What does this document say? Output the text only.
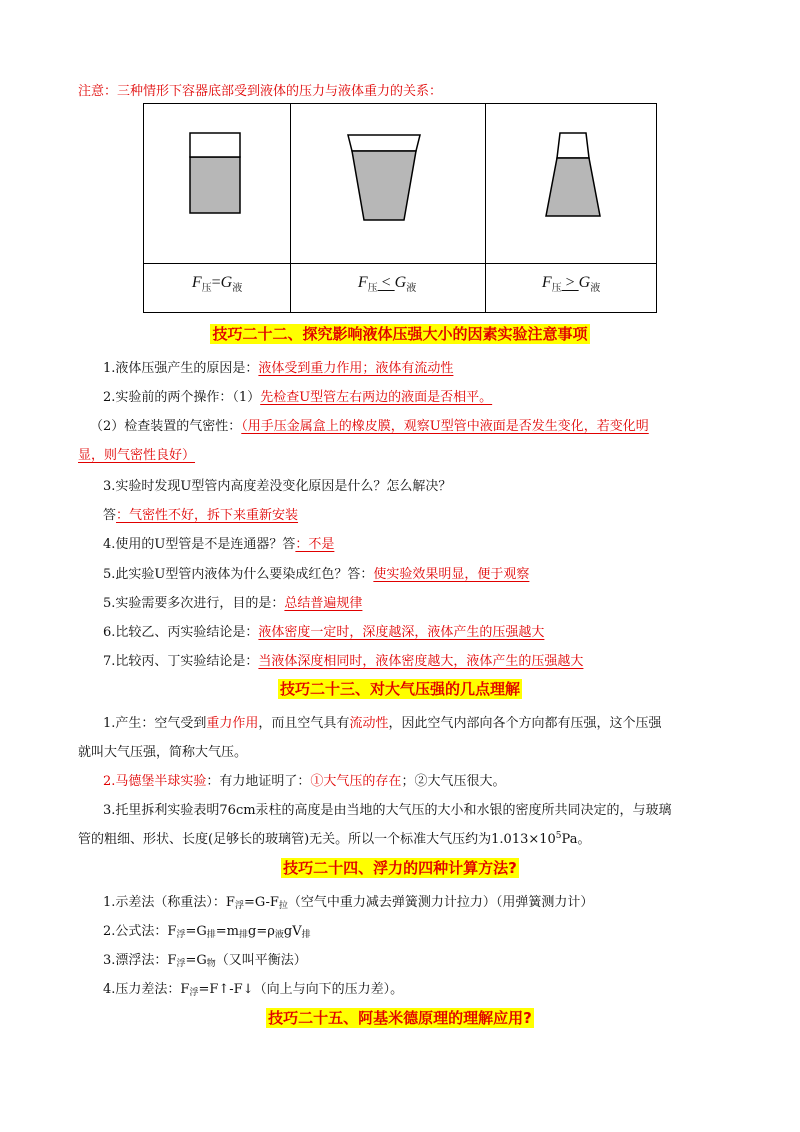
注意：三种情形下容器底部受到液体的压力与液体重力的关系：
$F_压=G_液$	$F_压 < G_液$	$F_压 > G_液$
技巧二十二、探究影响液体压强大小的因素实验注意事项
1.液体压强产生的原因是：液体受到重力作用；液体有流动性
2.实验前的两个操作：（1）先检查U型管左右两边的液面是否相平。
（2）检查装置的气密性：（用手压金属盒上的橡皮膜，观察U型管中液面是否发生变化，若变化明
显，则气密性良好）
3.实验时发现U型管内高度差没变化原因是什么？怎么解决？
答：气密性不好，拆下来重新安装
4.使用的U型管是不是连通器？答：不是
5.此实验U型管内液体为什么要染成红色？答：使实验效果明显，便于观察
5.实验需要多次进行，目的是：总结普遍规律
6.比较乙、丙实验结论是：液体密度一定时，深度越深，液体产生的压强越大
7.比较丙、丁实验结论是：当液体深度相同时，液体密度越大，液体产生的压强越大
技巧二十三、对大气压强的几点理解
1.产生：空气受到重力作用，而且空气具有流动性，因此空气内部向各个方向都有压强，这个压强
就叫大气压强，简称大气压。
2.马德堡半球实验：有力地证明了：①大气压的存在；②大气压很大。
3.托里拆利实验表明76cm汞柱的高度是由当地的大气压的大小和水银的密度所共同决定的，与玻璃
管的粗细、形状、长度(足够长的玻璃管)无关。所以一个标准大气压约为$1.013\times 10^5Pa$。
技巧二十四、浮力的四种计算方法?
1.示差法（称重法）：$F_浮=G-F_拉$（空气中重力减去弹簧测力计拉力）（用弹簧测力计）
2.公式法：$F_浮=G_排=m_排g=\rho_液gV_排$
3.漂浮法：$F_浮=G_物$（又叫平衡法）
4.压力差法：$F_浮=F↑-F↓$（向上与向下的压力差）。
技巧二十五、阿基米德原理的理解应用?
